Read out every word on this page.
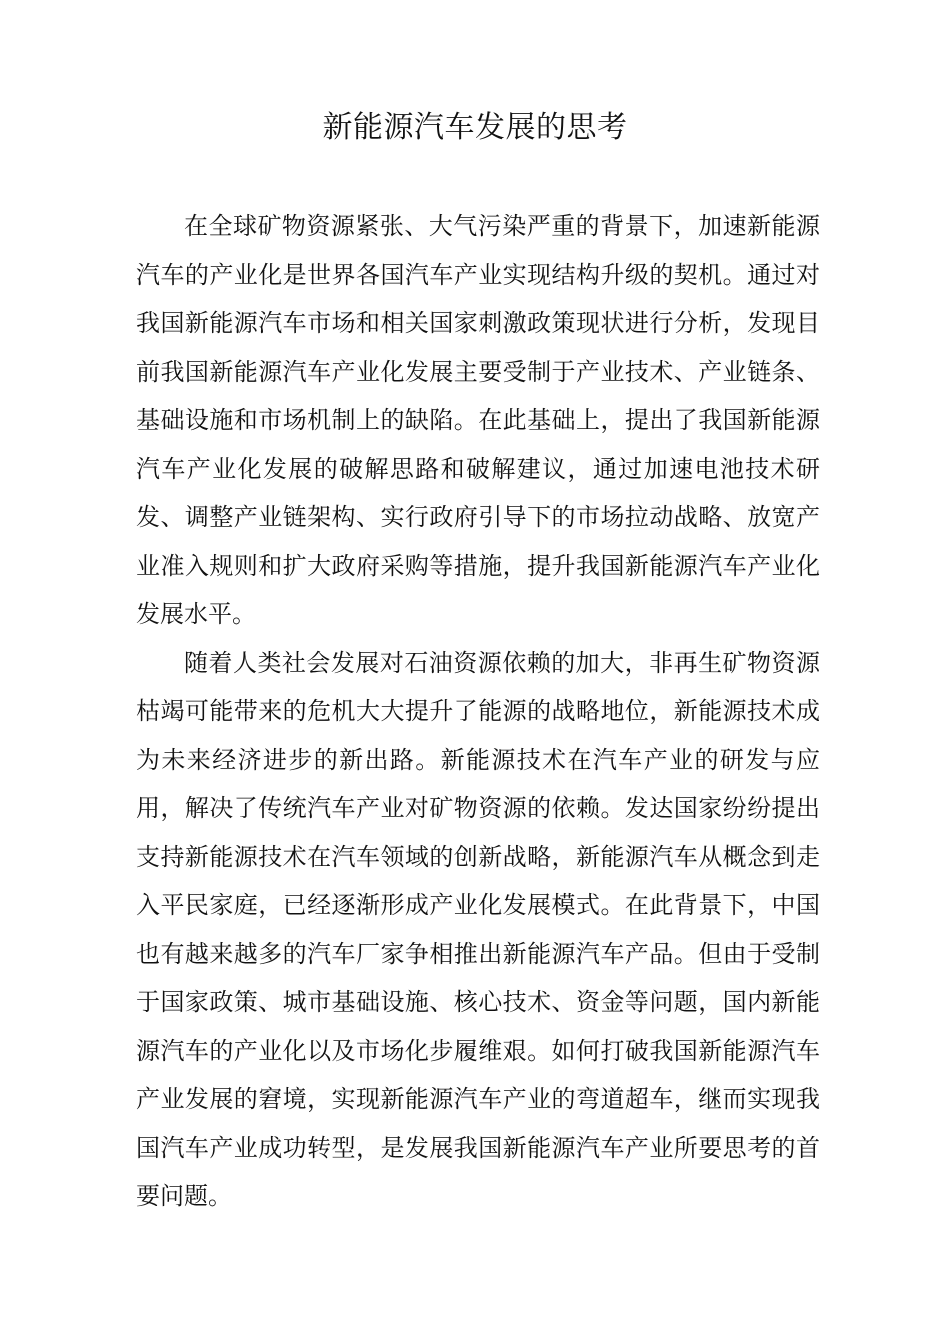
新能源汽车发展的思考

在全球矿物资源紧张、大气污染严重的背景下，加速新能源汽车的产业化是世界各国汽车产业实现结构升级的契机。通过对我国新能源汽车市场和相关国家刺激政策现状进行分析，发现目前我国新能源汽车产业化发展主要受制于产业技术、产业链条、基础设施和市场机制上的缺陷。在此基础上，提出了我国新能源汽车产业化发展的破解思路和破解建议，通过加速电池技术研发、调整产业链架构、实行政府引导下的市场拉动战略、放宽产业准入规则和扩大政府采购等措施，提升我国新能源汽车产业化发展水平。

随着人类社会发展对石油资源依赖的加大，非再生矿物资源枯竭可能带来的危机大大提升了能源的战略地位，新能源技术成为未来经济进步的新出路。新能源技术在汽车产业的研发与应用，解决了传统汽车产业对矿物资源的依赖。发达国家纷纷提出支持新能源技术在汽车领域的创新战略，新能源汽车从概念到走入平民家庭，已经逐渐形成产业化发展模式。在此背景下，中国也有越来越多的汽车厂家争相推出新能源汽车产品。但由于受制于国家政策、城市基础设施、核心技术、资金等问题，国内新能源汽车的产业化以及市场化步履维艰。如何打破我国新能源汽车产业发展的窘境，实现新能源汽车产业的弯道超车，继而实现我国汽车产业成功转型，是发展我国新能源汽车产业所要思考的首要问题。
